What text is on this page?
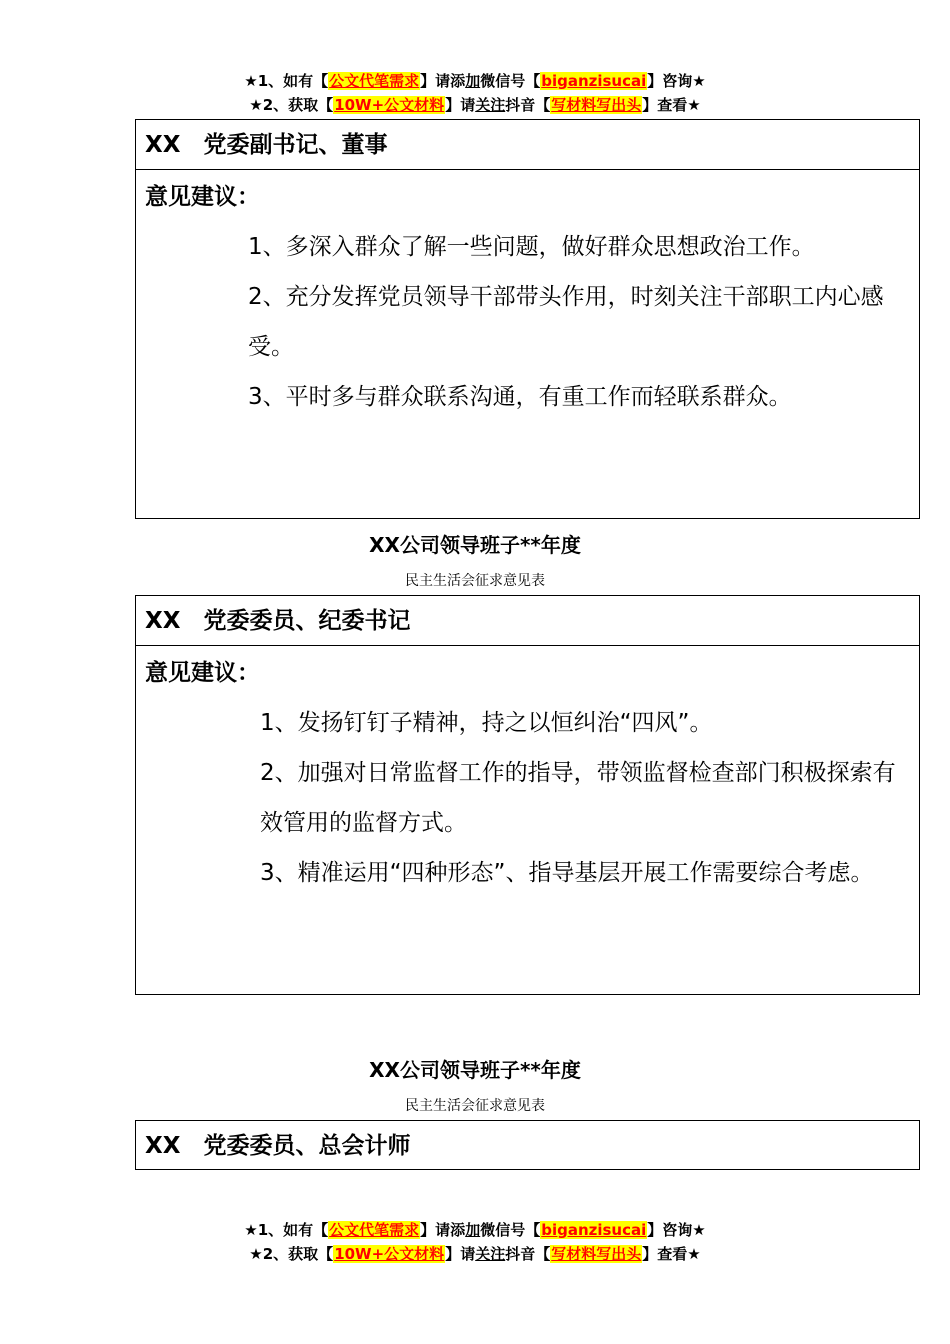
★1、如有【公文代笔需求】请添加微信号【biganzisucai】咨询★
★2、获取【10W+公文材料】请关注抖音【写材料写出头】查看★
XX　党委副书记、董事
意见建议：

1、多深入群众了解一些问题，做好群众思想政治工作。

2、充分发挥党员领导干部带头作用，时刻关注干部职工内心感受。

3、平时多与群众联系沟通，有重工作而轻联系群众。

XX公司领导班子**年度
民主生活会征求意见表
XX　党委委员、纪委书记
意见建议：

1、发扬钉钉子精神，持之以恒纠治“四风”。

2、加强对日常监督工作的指导，带领监督检查部门积极探索有效管用的监督方式。

3、精准运用“四种形态”、指导基层开展工作需要综合考虑。

XX公司领导班子**年度
民主生活会征求意见表
XX　党委委员、总会计师
★1、如有【公文代笔需求】请添加微信号【biganzisucai】咨询★
★2、获取【10W+公文材料】请关注抖音【写材料写出头】查看★
